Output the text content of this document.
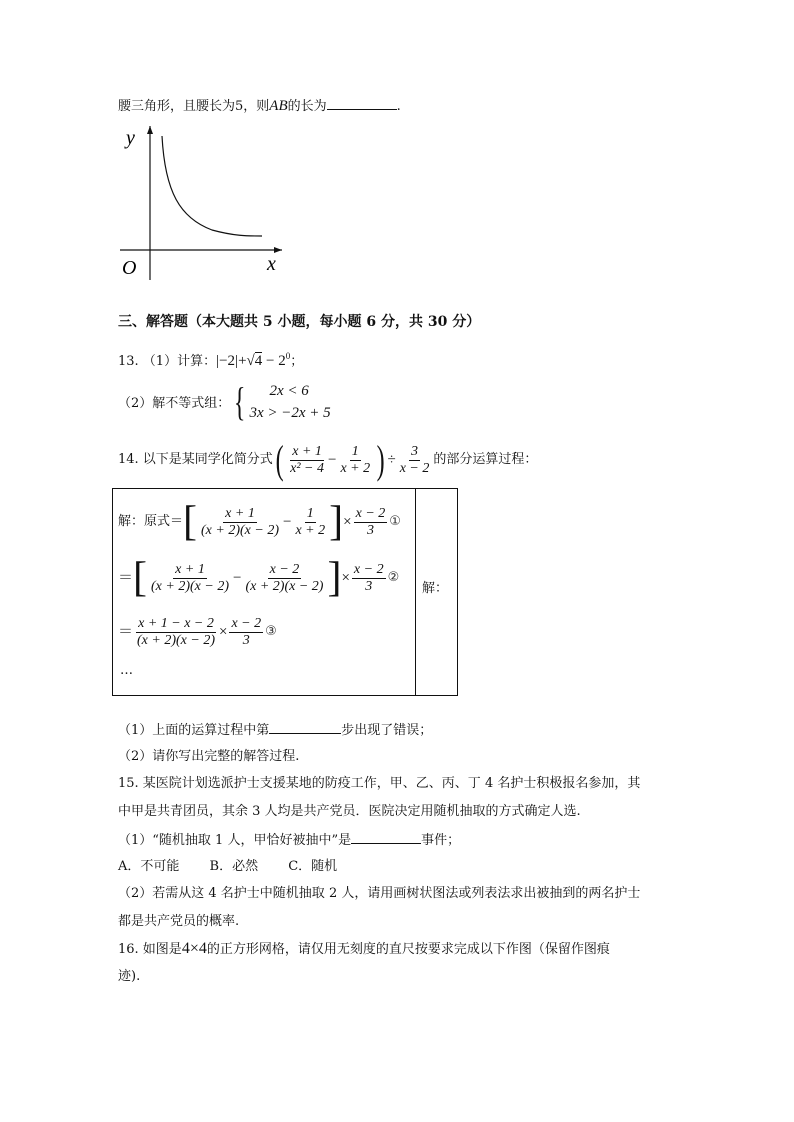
腰三角形，且腰长为5，则AB的长为	.
y
x
O
三、解答题（本大题共 5 小题，每小题 6 分，共 30 分）
13. （1）计算：$|-2|+√4 - 2^0$；
（2）解不等式组： {	2x < 6
3x > −2x + 5
14. 以下是某同学化简分式 ( $\frac{x + 1}{\text{x² − 4}} - \frac{1}{x + 2}$ ) ÷ $\frac{3}{x - 2}$ 的部分运算过程：
解：
解：原式＝ [ $\frac{x + 1}{(x + 2)(x - 2)} - \frac{1}{x + 2}$ ] × $\frac{x - 2}{3}$ ①
＝ [ $\frac{x + 1}{(x + 2)(x - 2)} - \frac{x - 2}{(x + 2)(x - 2)}$ ] × $\frac{x - 2}{3}$ ②
＝ $\frac{x + 1 - x - 2}{(x + 2)(x - 2)} \times \frac{x - 2}{3}$ ③
…
（1）上面的运算过程中第	步出现了错误；
（2）请你写出完整的解答过程.
15. 某医院计划选派护士支援某地的防疫工作，甲、乙、丙、丁 4 名护士积极报名参加，其
中甲是共青团员，其余 3 人均是共产党员．医院决定用随机抽取的方式确定人选.
（1）“随机抽取 1 人，甲恰好被抽中”是	事件；
A．不可能　　 B．必然　　 C．随机
（2）若需从这 4 名护士中随机抽取 2 人，请用画树状图法或列表法求出被抽到的两名护士
都是共产党员的概率.
16. 如图是4×4的正方形网格，请仅用无刻度的直尺按要求完成以下作图（保留作图痕
迹).
